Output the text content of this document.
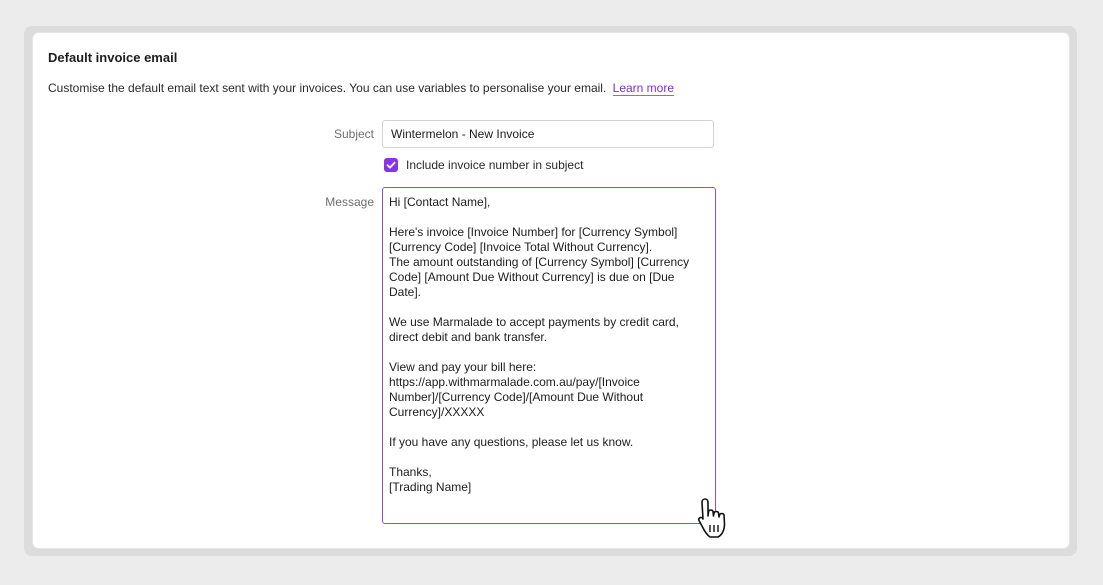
Default invoice email
Customise the default email text sent with your invoices. You can use variables to personalise your email. Learn more
Subject
Wintermelon - New Invoice
Include invoice number in subject
Message	Hi [Contact Name],

Here's invoice [Invoice Number] for [Currency Symbol][Currency Code] [Invoice Total Without Currency].
The amount outstanding of [Currency Symbol] [Currency Code] [Amount Due Without Currency] is due on [Due Date].

We use Marmalade to accept payments by credit card, direct debit and bank transfer.

View and pay your bill here:
https://app.withmarmalade.com.au/pay/[Invoice Number]/[Currency Code]/[Amount Due Without Currency]/XXXXX

If you have any questions, please let us know.

Thanks,
[Trading Name]
